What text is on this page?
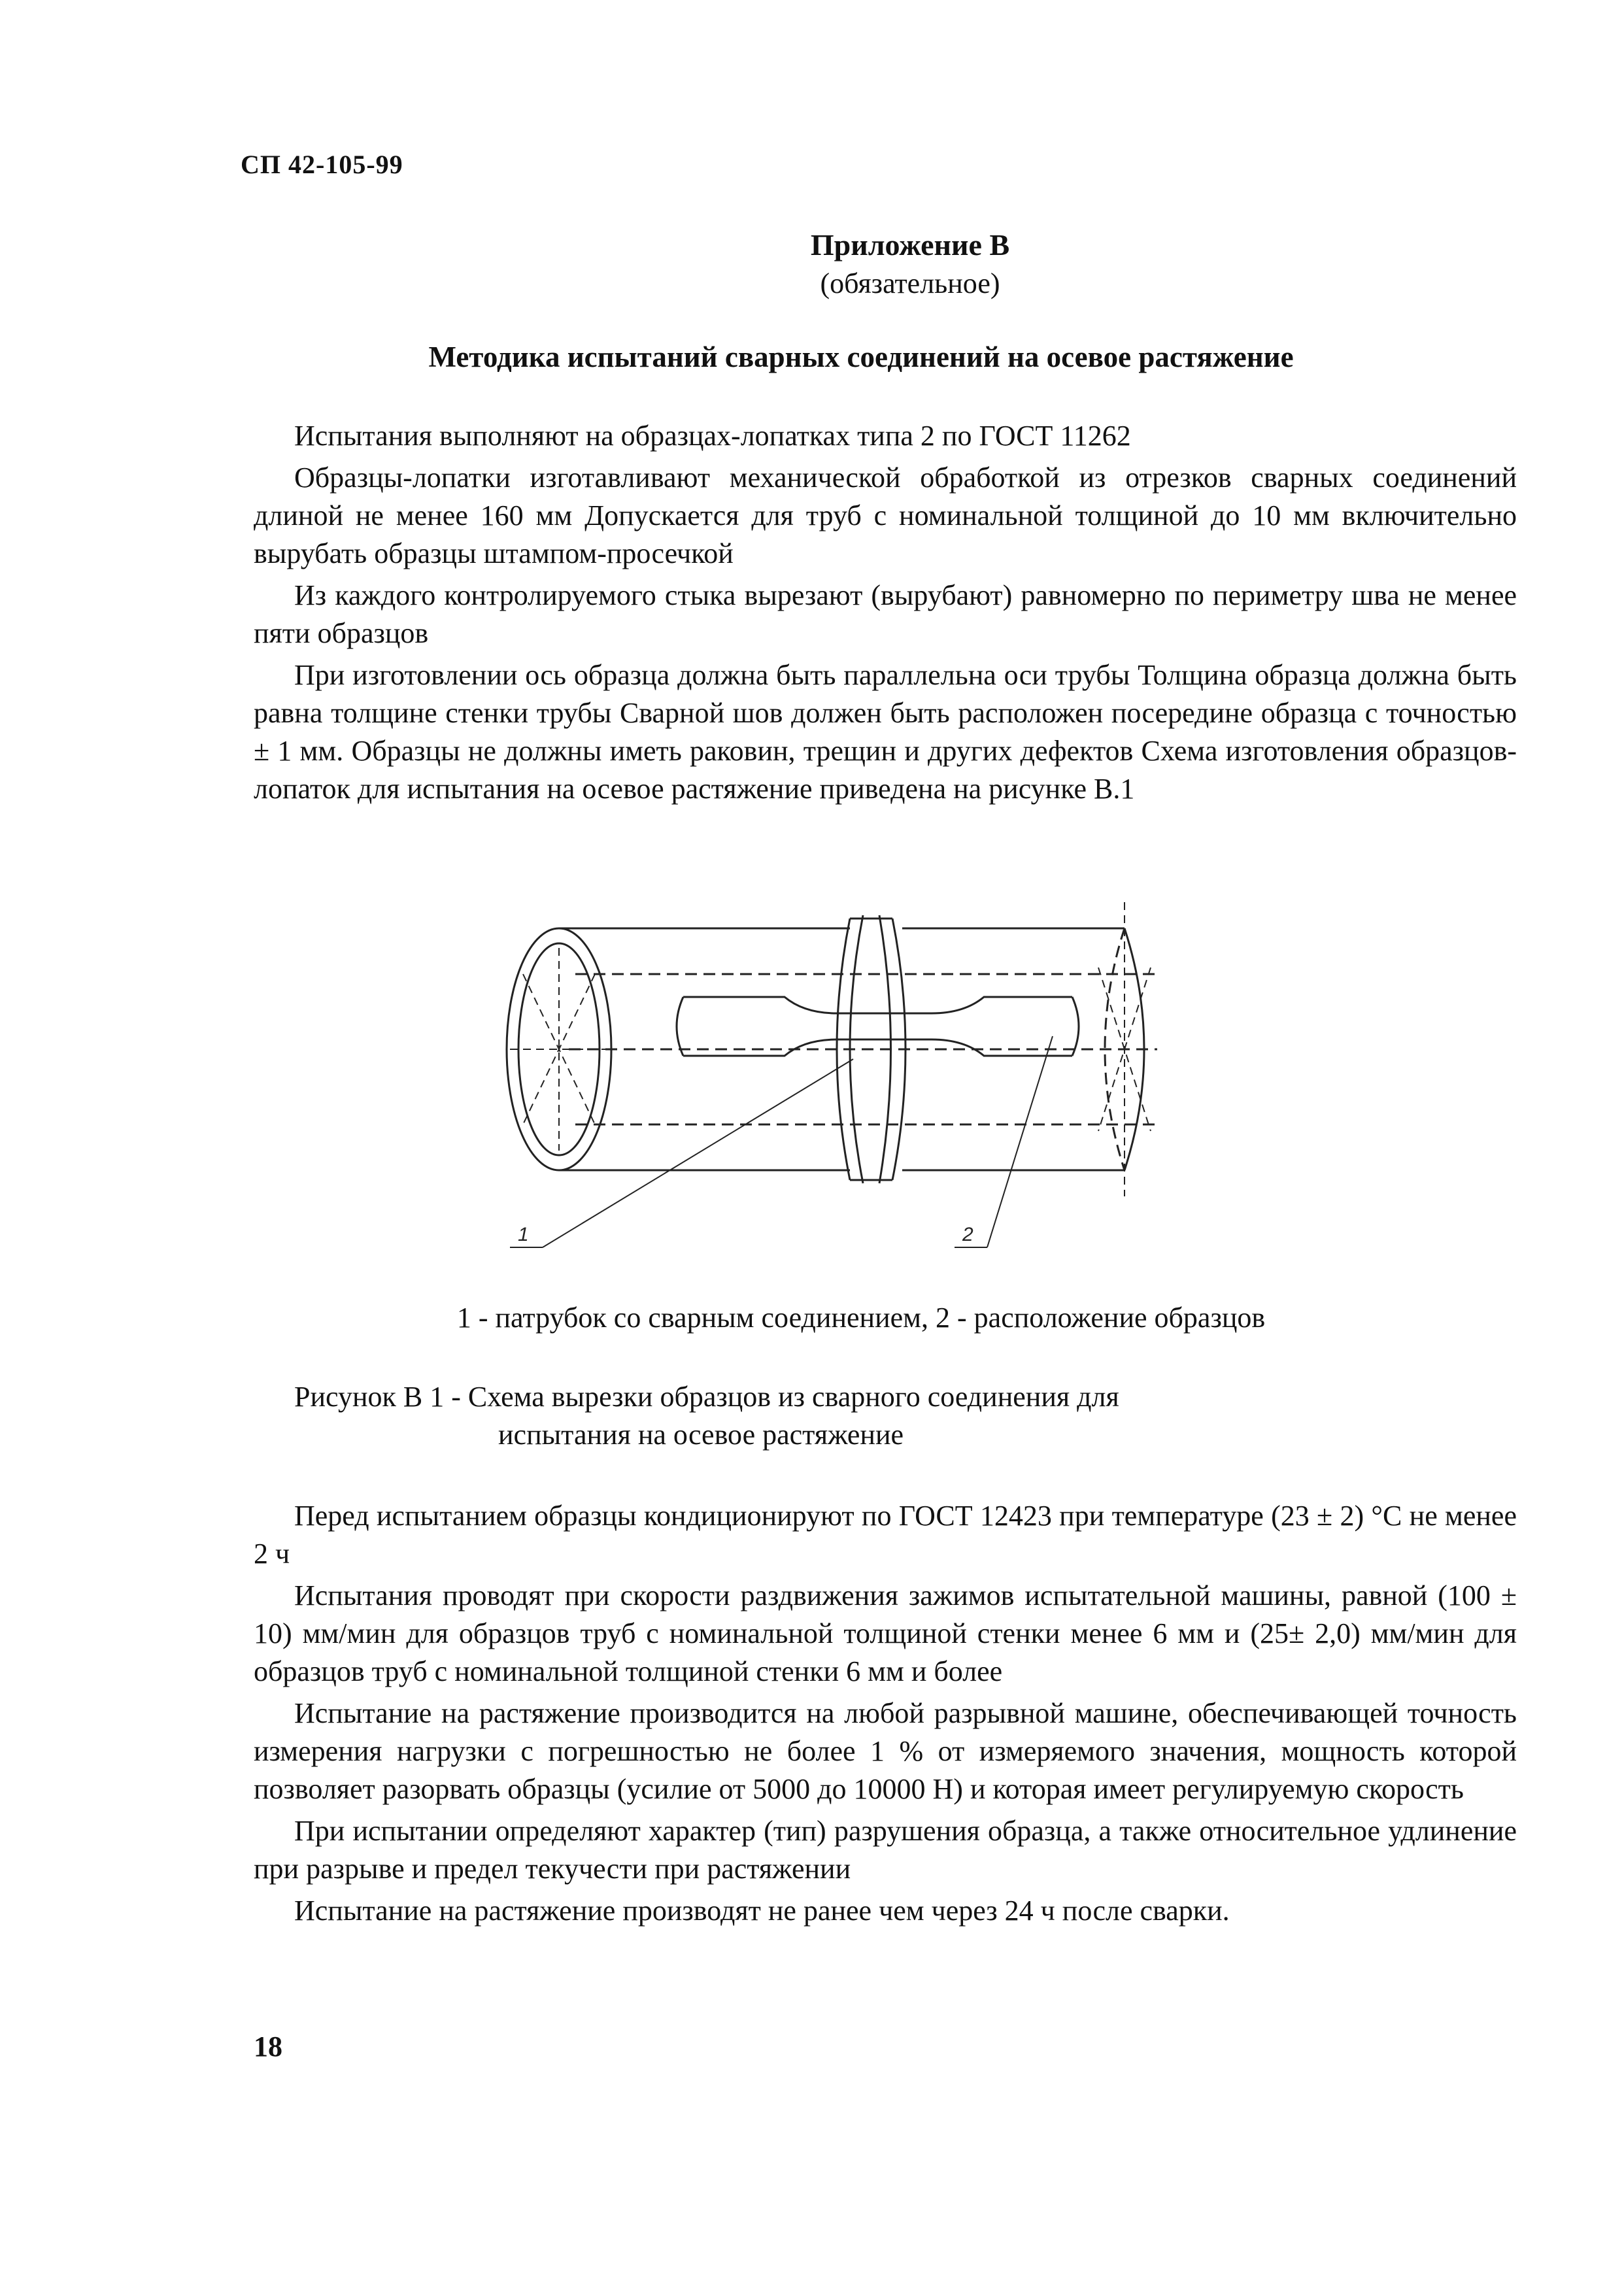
СП 42-105-99
Приложение В
(обязательное)
Методика испытаний сварных соединений на осевое растяжение

Испытания выполняют на образцах-лопатках типа 2 по ГОСТ 11262

Образцы-лопатки изготавливают механической обработкой из отрезков сварных соединений длиной не менее 160 мм Допускается для труб с номинальной толщиной до 10 мм включительно вырубать образцы штампом-просечкой

Из каждого контролируемого стыка вырезают (вырубают) равномерно по периметру шва не менее пяти образцов

При изготовлении ось образца должна быть параллельна оси трубы Толщина образца должна быть равна толщине стенки трубы Сварной шов должен быть расположен посередине образца с точностью ± 1 мм. Образцы не должны иметь раковин, трещин и других дефектов Схема изготовления образцов-лопаток для испытания на осевое растяжение приведена на рисунке В.1

1	2
1 - патрубок со сварным соединением, 2 - расположение образцов
Рисунок В 1 - Схема вырезки образцов из сварного соединения для
испытания на осевое растяжение

Перед испытанием образцы кондиционируют по ГОСТ 12423 при температуре (23 ± 2) °С не менее 2 ч

Испытания проводят при скорости раздвижения зажимов испытательной машины, равной (100 ± 10) мм/мин для образцов труб с номинальной толщиной стенки менее 6 мм и (25± 2,0) мм/мин для образцов труб с номинальной толщиной стенки 6 мм и более

Испытание на растяжение производится на любой разрывной машине, обеспечивающей точность измерения нагрузки с погрешностью не более 1 % от измеряемого значения, мощность которой позволяет разорвать образцы (усилие от 5000 до 10000 Н) и которая имеет регулируемую скорость

При испытании определяют характер (тип) разрушения образца, а также относительное удлинение при разрыве и предел текучести при растяжении

Испытание на растяжение производят не ранее чем через 24 ч после сварки.

18
